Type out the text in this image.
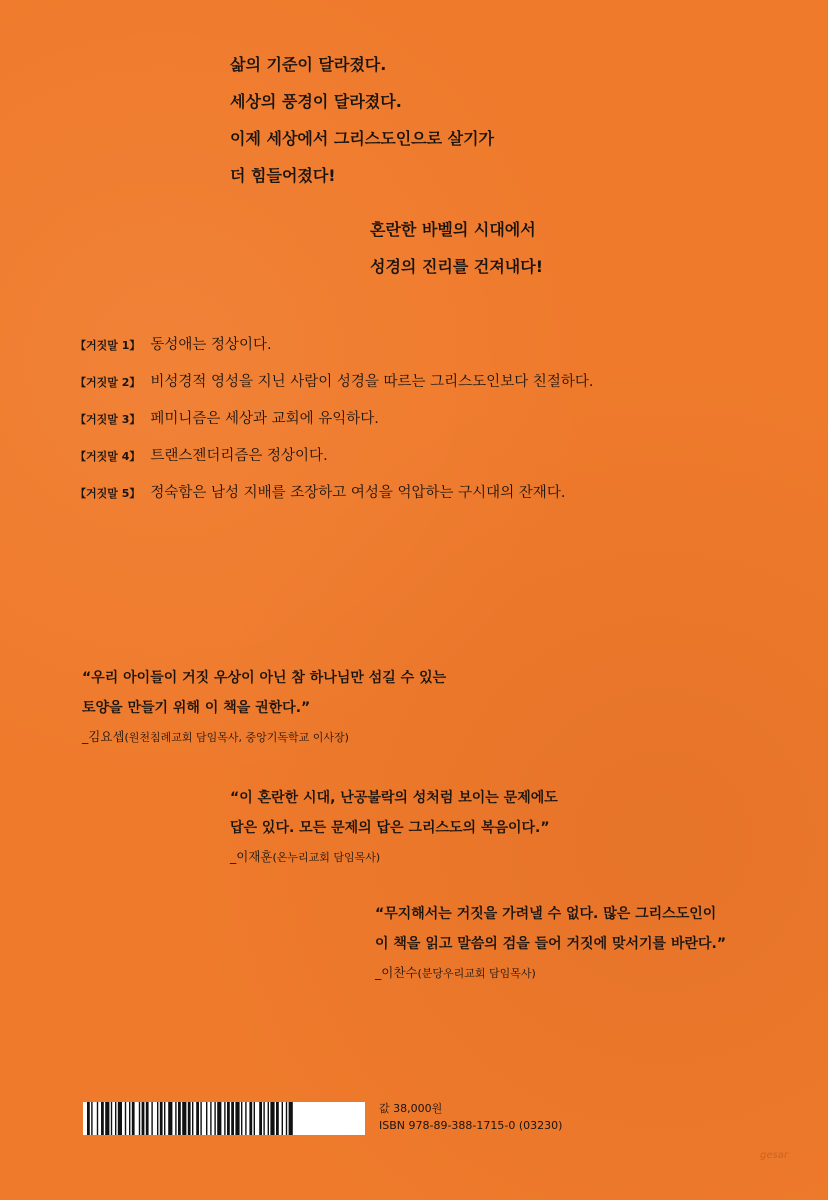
삶의 기준이 달라졌다.
세상의 풍경이 달라졌다.
이제 세상에서 그리스도인으로 살기가
더 힘들어졌다!
혼란한 바벨의 시대에서
성경의 진리를 건져내다!
【거짓말 1】 동성애는 정상이다.
【거짓말 2】 비성경적 영성을 지닌 사람이 성경을 따르는 그리스도인보다 친절하다.
【거짓말 3】 페미니즘은 세상과 교회에 유익하다.
【거짓말 4】 트랜스젠더리즘은 정상이다.
【거짓말 5】 정숙함은 남성 지배를 조장하고 여성을 억압하는 구시대의 잔재다.
“우리 아이들이 거짓 우상이 아닌 참 하나님만 섬길 수 있는
토양을 만들기 위해 이 책을 권한다.”
_김요셉(원천침례교회 담임목사, 중앙기독학교 이사장)
“이 혼란한 시대, 난공불락의 성처럼 보이는 문제에도
답은 있다. 모든 문제의 답은 그리스도의 복음이다.”
_이재훈(온누리교회 담임목사)
“무지해서는 거짓을 가려낼 수 없다. 많은 그리스도인이
이 책을 읽고 말씀의 검을 들어 거짓에 맞서기를 바란다.”
_이찬수(분당우리교회 담임목사)
값 38,000원
ISBN 978-89-388-1715-0 (03230)
gesar
